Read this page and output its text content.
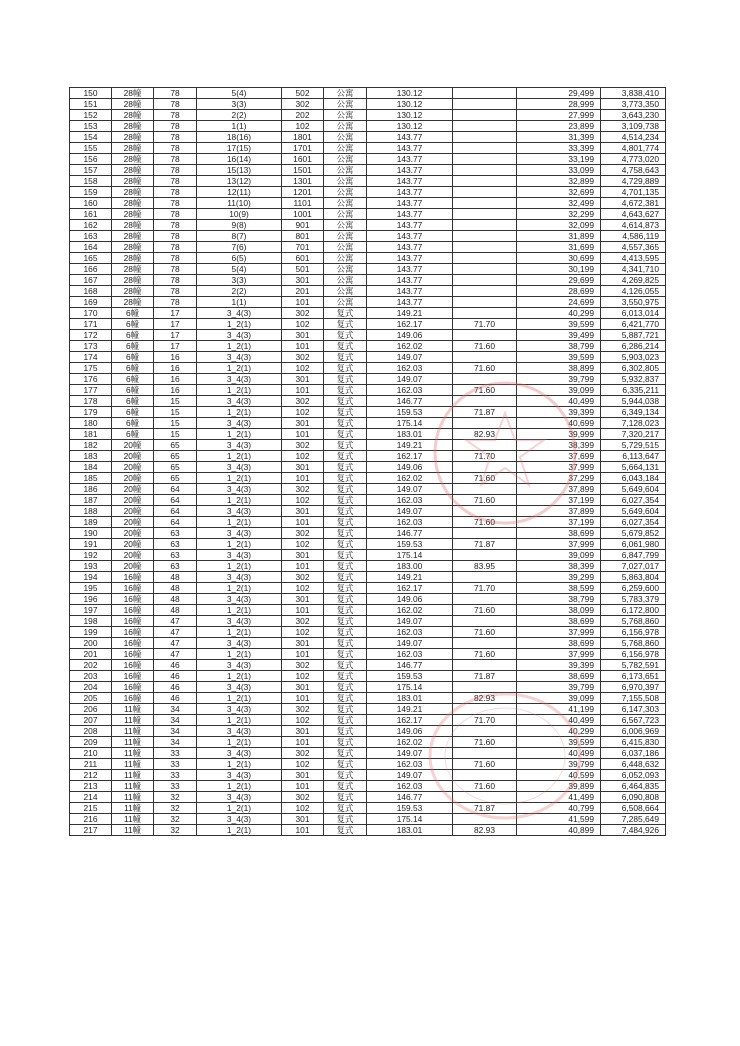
150	28幢	78	5(4)	502	公寓	130.12		29,499	3,838,410
151	28幢	78	3(3)	302	公寓	130.12		28,999	3,773,350
152	28幢	78	2(2)	202	公寓	130.12		27,999	3,643,230
153	28幢	78	1(1)	102	公寓	130.12		23,899	3,109,738
154	28幢	78	18(16)	1801	公寓	143.77		31,399	4,514,234
155	28幢	78	17(15)	1701	公寓	143.77		33,399	4,801,774
156	28幢	78	16(14)	1601	公寓	143.77		33,199	4,773,020
157	28幢	78	15(13)	1501	公寓	143.77		33,099	4,758,643
158	28幢	78	13(12)	1301	公寓	143.77		32,899	4,729,889
159	28幢	78	12(11)	1201	公寓	143.77		32,699	4,701,135
160	28幢	78	11(10)	1101	公寓	143.77		32,499	4,672,381
161	28幢	78	10(9)	1001	公寓	143.77		32,299	4,643,627
162	28幢	78	9(8)	901	公寓	143.77		32,099	4,614,873
163	28幢	78	8(7)	801	公寓	143.77		31,899	4,586,119
164	28幢	78	7(6)	701	公寓	143.77		31,699	4,557,365
165	28幢	78	6(5)	601	公寓	143.77		30,699	4,413,595
166	28幢	78	5(4)	501	公寓	143.77		30,199	4,341,710
167	28幢	78	3(3)	301	公寓	143.77		29,699	4,269,825
168	28幢	78	2(2)	201	公寓	143.77		28,699	4,126,055
169	28幢	78	1(1)	101	公寓	143.77		24,699	3,550,975
170	6幢	17	3_4(3)	302	复式	149.21		40,299	6,013,014
171	6幢	17	1_2(1)	102	复式	162.17	71.70	39,599	6,421,770
172	6幢	17	3_4(3)	301	复式	149.06		39,499	5,887,721
173	6幢	17	1_2(1)	101	复式	162.02	71.60	38,799	6,286,214
174	6幢	16	3_4(3)	302	复式	149.07		39,599	5,903,023
175	6幢	16	1_2(1)	102	复式	162.03	71.60	38,899	6,302,805
176	6幢	16	3_4(3)	301	复式	149.07		39,799	5,932,837
177	6幢	16	1_2(1)	101	复式	162.03	71.60	39,099	6,335,211
178	6幢	15	3_4(3)	302	复式	146.77		40,499	5,944,038
179	6幢	15	1_2(1)	102	复式	159.53	71.87	39,399	6,349,134
180	6幢	15	3_4(3)	301	复式	175.14		40,699	7,128,023
181	6幢	15	1_2(1)	101	复式	183.01	82.93	39,999	7,320,217
182	20幢	65	3_4(3)	302	复式	149.21		38,399	5,729,515
183	20幢	65	1_2(1)	102	复式	162.17	71.70	37,699	6,113,647
184	20幢	65	3_4(3)	301	复式	149.06		37,999	5,664,131
185	20幢	65	1_2(1)	101	复式	162.02	71.60	37,299	6,043,184
186	20幢	64	3_4(3)	302	复式	149.07		37,899	5,649,604
187	20幢	64	1_2(1)	102	复式	162.03	71.60	37,199	6,027,354
188	20幢	64	3_4(3)	301	复式	149.07		37,899	5,649,604
189	20幢	64	1_2(1)	101	复式	162.03	71.60	37,199	6,027,354
190	20幢	63	3_4(3)	302	复式	146.77		38,699	5,679,852
191	20幢	63	1_2(1)	102	复式	159.53	71.87	37,999	6,061,980
192	20幢	63	3_4(3)	301	复式	175.14		39,099	6,847,799
193	20幢	63	1_2(1)	101	复式	183.00	83.95	38,399	7,027,017
194	16幢	48	3_4(3)	302	复式	149.21		39,299	5,863,804
195	16幢	48	1_2(1)	102	复式	162.17	71.70	38,599	6,259,600
196	16幢	48	3_4(3)	301	复式	149.06		38,799	5,783,379
197	16幢	48	1_2(1)	101	复式	162.02	71.60	38,099	6,172,800
198	16幢	47	3_4(3)	302	复式	149.07		38,699	5,768,860
199	16幢	47	1_2(1)	102	复式	162.03	71.60	37,999	6,156,978
200	16幢	47	3_4(3)	301	复式	149.07		38,699	5,768,860
201	16幢	47	1_2(1)	101	复式	162.03	71.60	37,999	6,156,978
202	16幢	46	3_4(3)	302	复式	146.77		39,399	5,782,591
203	16幢	46	1_2(1)	102	复式	159.53	71.87	38,699	6,173,651
204	16幢	46	3_4(3)	301	复式	175.14		39,799	6,970,397
205	16幢	46	1_2(1)	101	复式	183.01	82.93	39,099	7,155,508
206	11幢	34	3_4(3)	302	复式	149.21		41,199	6,147,303
207	11幢	34	1_2(1)	102	复式	162.17	71.70	40,499	6,567,723
208	11幢	34	3_4(3)	301	复式	149.06		40,299	6,006,969
209	11幢	34	1_2(1)	101	复式	162.02	71.60	39,599	6,415,830
210	11幢	33	3_4(3)	302	复式	149.07		40,499	6,037,186
211	11幢	33	1_2(1)	102	复式	162.03	71.60	39,799	6,448,632
212	11幢	33	3_4(3)	301	复式	149.07		40,599	6,052,093
213	11幢	33	1_2(1)	101	复式	162.03	71.60	39,899	6,464,835
214	11幢	32	3_4(3)	302	复式	146.77		41,499	6,090,808
215	11幢	32	1_2(1)	102	复式	159.53	71.87	40,799	6,508,664
216	11幢	32	3_4(3)	301	复式	175.14		41,599	7,285,649
217	11幢	32	1_2(1)	101	复式	183.01	82.93	40,899	7,484,926
